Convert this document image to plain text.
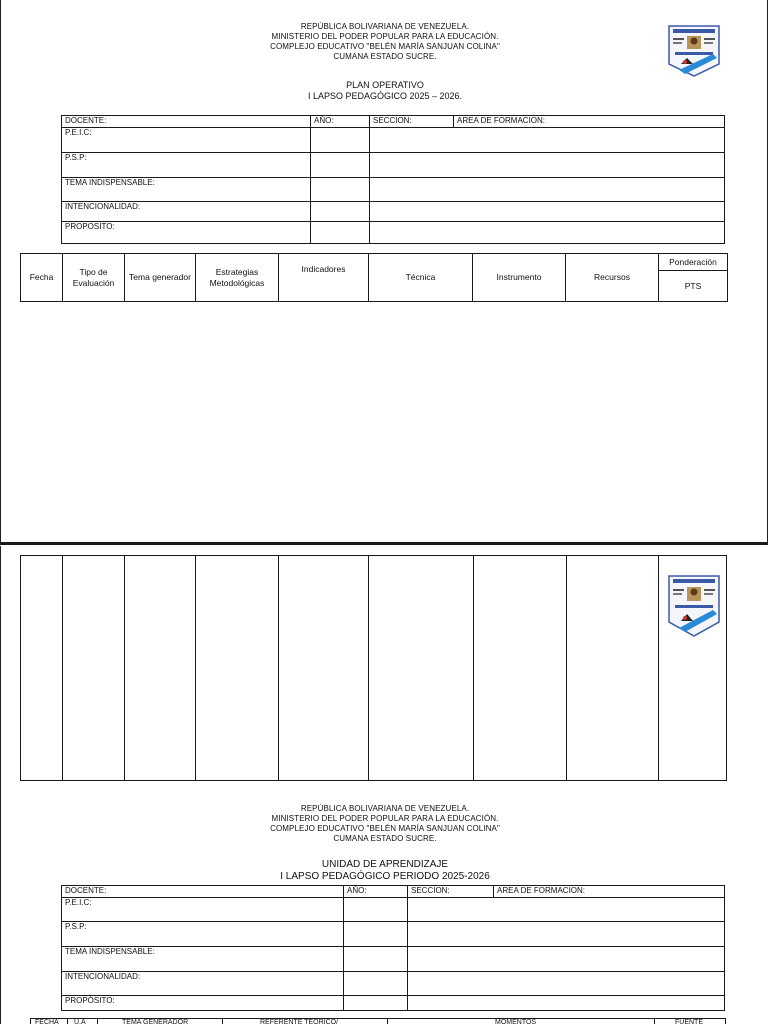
REPÚBLICA BOLIVARIANA DE VENEZUELA.
MINISTERIO DEL PODER POPULAR PARA LA EDUCACIÓN.
COMPLEJO EDUCATIVO "BELÉN MARÍA SANJUAN COLINA"
CUMANA ESTADO SUCRE.
PLAN OPERATIVO
I LAPSO PEDAGÓGICO 2025 – 2026.
DOCENTE:	AÑO:	SECCION:	AREA DE FORMACION:
P.E.I.C:			
P.S.P:			
TEMA INDISPENSABLE:			
INTENCIONALIDAD:			
PROPOSITO:			
Fecha	Tipo de Evaluación	Tema generador	Estrategias Metodológicas	Indicadores	Técnica	Instrumento	Recursos	Ponderación
PTS
REPÚBLICA BOLIVARIANA DE VENEZUELA.
MINISTERIO DEL PODER POPULAR PARA LA EDUCACIÓN.
COMPLEJO EDUCATIVO "BELÉN MARÍA SANJUAN COLINA"
CUMANA ESTADO SUCRE.
UNIDAD DE APRENDIZAJE
I LAPSO PEDAGÓGICO PERIODO 2025-2026
DOCENTE:	AÑO:	SECCION:	AREA DE FORMACION:
P.E.I.C:			
P.S.P:			
TEMA INDISPENSABLE:			
INTENCIONALIDAD:			
PROPÓSITO:			
FECHA U.A	TEMA GENERADOR	REFERENTE TEORICO/	MOMENTOS	FUENTE
